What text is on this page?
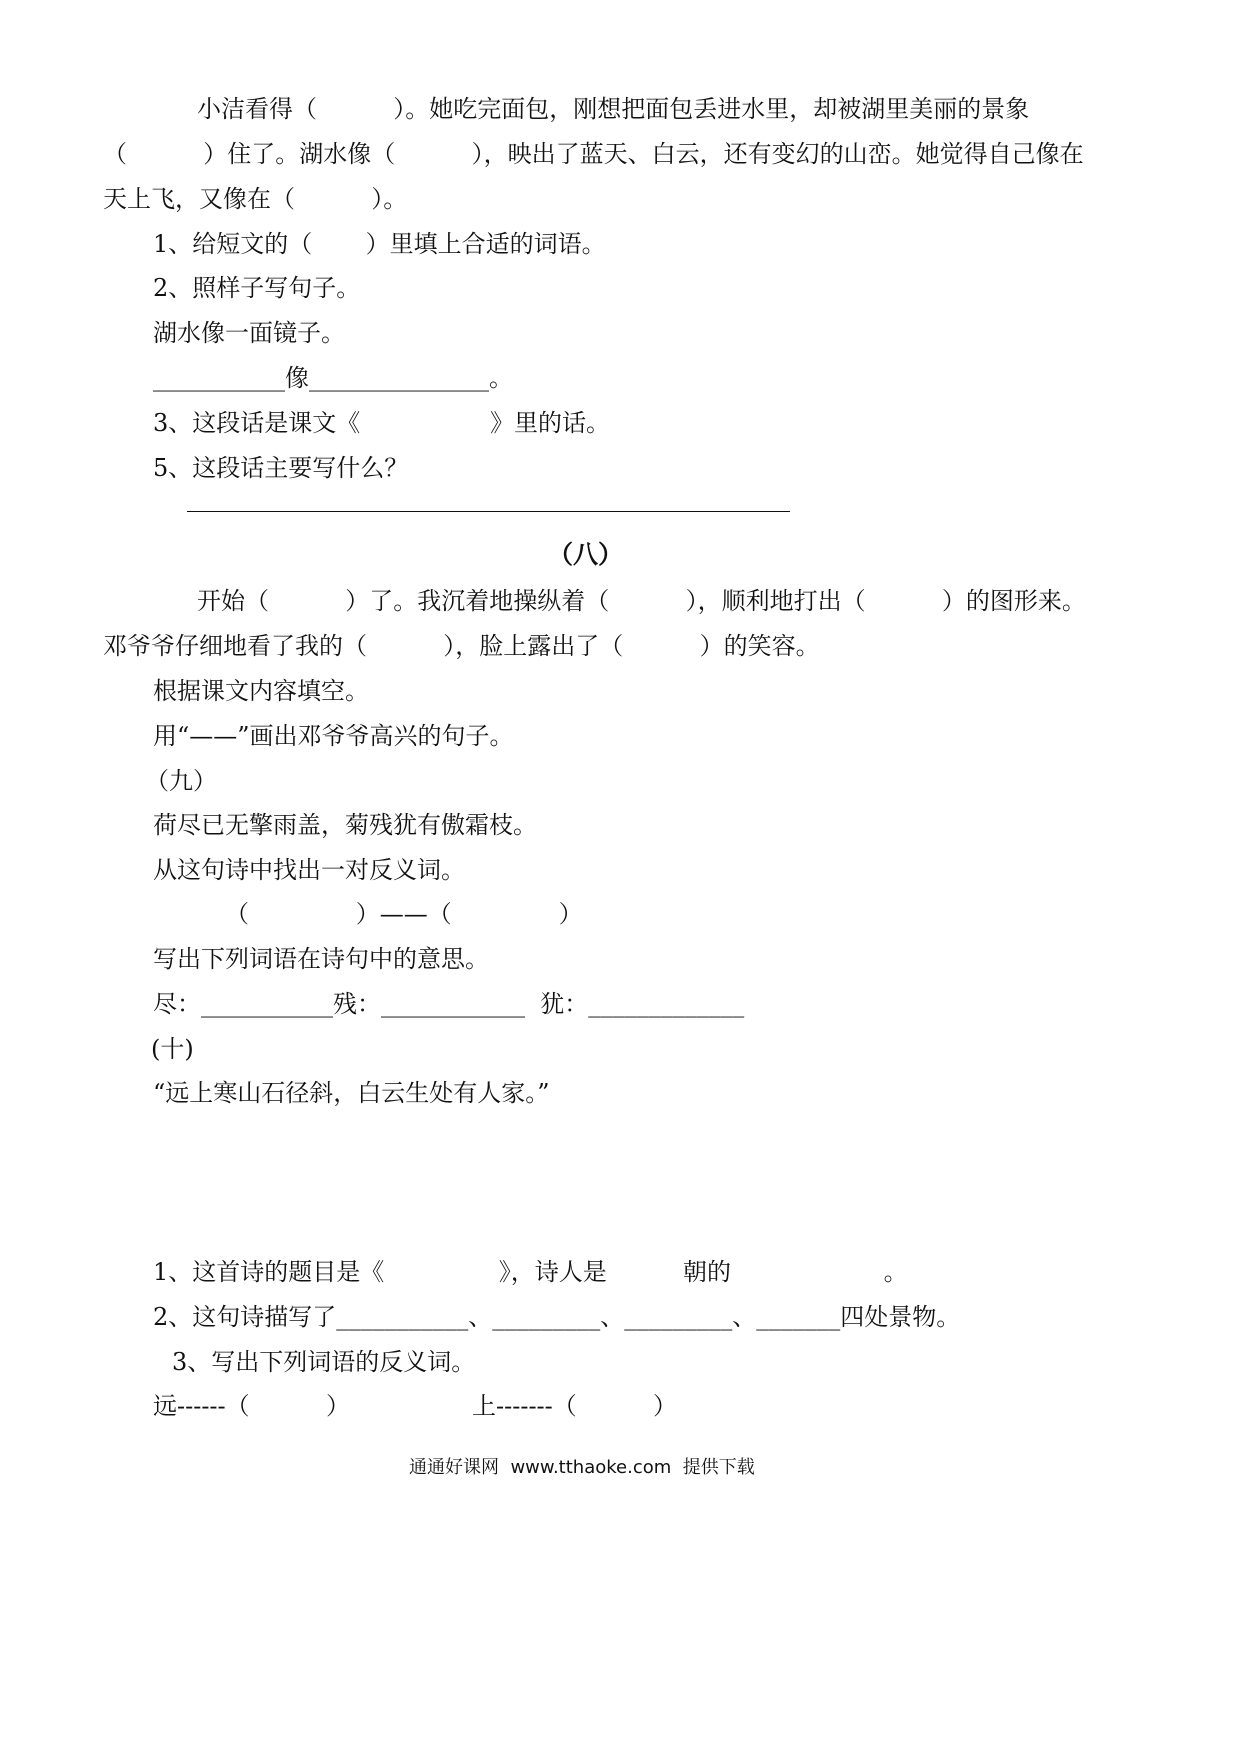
小洁看得（          ）。她吃完面包，刚想把面包丢进水里，却被湖里美丽的景象
（          ）住了。湖水像（          ），映出了蓝天、白云，还有变幻的山峦。她觉得自己像在
天上飞，又像在（          ）。
1、给短文的（       ）里填上合适的词语。
2、照样子写句子。
湖水像一面镜子。
___________像_______________。
3、这段话是课文《                 》里的话。
5、这段话主要写什么？
（八）
开始（          ）了。我沉着地操纵着（          ），顺利地打出（          ）的图形来。
邓爷爷仔细地看了我的（          ），脸上露出了（          ）的笑容。
根据课文内容填空。
用“——”画出邓爷爷高兴的句子。
（九）
荷尽已无擎雨盖，菊残犹有傲霜枝。
从这句诗中找出一对反义词。
（              ）——（              ）
写出下列词语在诗句中的意思。
尽：___________残：____________  犹：_____________
(十)
“远上寒山石径斜，白云生处有人家。”
1、这首诗的题目是《               》，诗人是          朝的                    。
2、这句诗描写了___________、_________、_________、_______四处景物。
3、写出下列词语的反义词。
远------（          ）                上-------（          ）
通通好课网  www.tthaoke.com  提供下载
